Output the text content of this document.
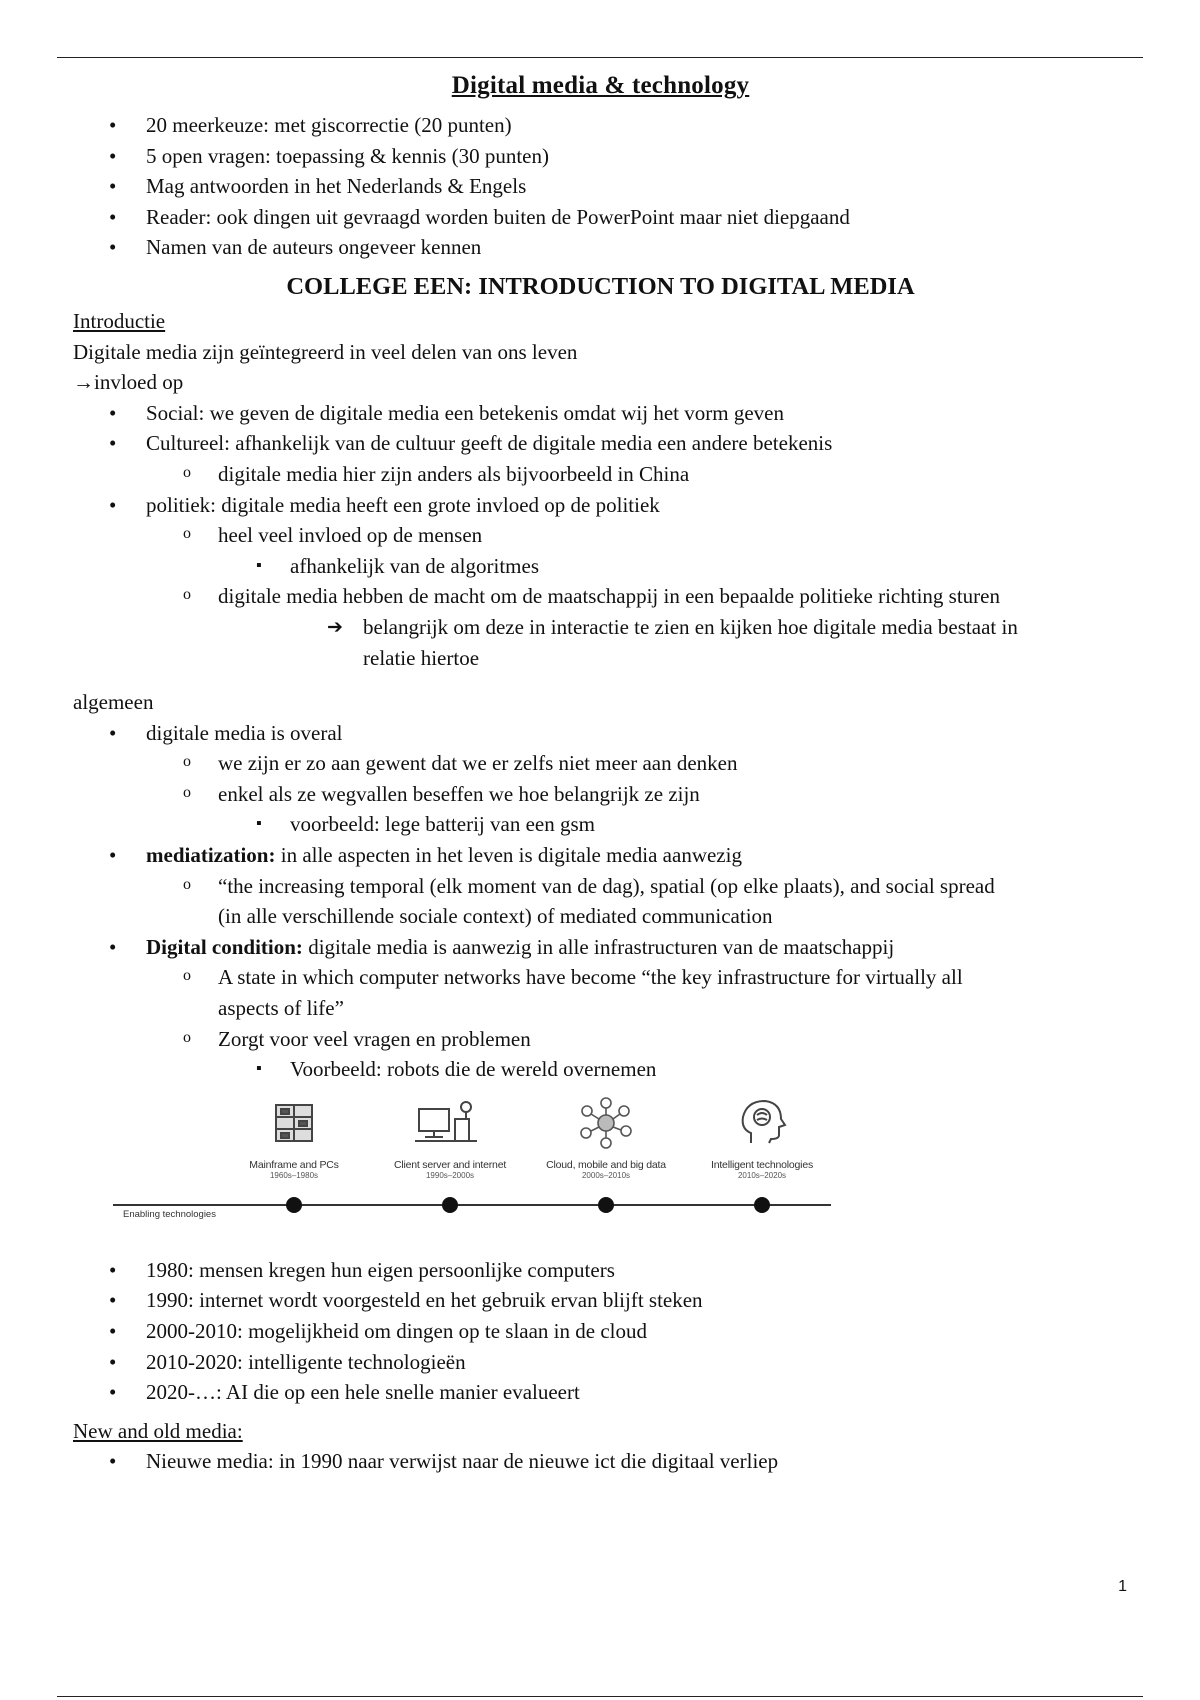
Digital media & technology
• 20 meerkeuze: met giscorrectie (20 punten)
• 5 open vragen: toepassing & kennis (30 punten)
• Mag antwoorden in het Nederlands & Engels
• Reader: ook dingen uit gevraagd worden buiten de PowerPoint maar niet diepgaand
• Namen van de auteurs ongeveer kennen
COLLEGE EEN: INTRODUCTION TO DIGITAL MEDIA
Introductie
Digitale media zijn geïntegreerd in veel delen van ons leven
→invloed op
• Social: we geven de digitale media een betekenis omdat wij het vorm geven
• Cultureel: afhankelijk van de cultuur geeft de digitale media een andere betekenis
o digitale media hier zijn anders als bijvoorbeeld in China
• politiek: digitale media heeft een grote invloed op de politiek
o heel veel invloed op de mensen
▪ afhankelijk van de algoritmes
o digitale media hebben de macht om de maatschappij in een bepaalde politieke richting sturen
➔ belangrijk om deze in interactie te zien en kijken hoe digitale media bestaat in
relatie hiertoe
algemeen
• digitale media is overal
o we zijn er zo aan gewent dat we er zelfs niet meer aan denken
o enkel als ze wegvallen beseffen we hoe belangrijk ze zijn
▪ voorbeeld: lege batterij van een gsm
• mediatization: in alle aspecten in het leven is digitale media aanwezig
o “the increasing temporal (elk moment van de dag), spatial (op elke plaats), and social spread
(in alle verschillende sociale context) of mediated communication
• Digital condition: digitale media is aanwezig in alle infrastructuren van de maatschappij
o A state in which computer networks have become “the key infrastructure for virtually all
aspects of life”
o Zorgt voor veel vragen en problemen
▪ Voorbeeld: robots die de wereld overnemen
Mainframe and PCs
1960s–1980s
Client server and internet
1990s–2000s
Cloud, mobile and big data
2000s–2010s
Intelligent technologies
2010s–2020s
Enabling technologies
• 1980: mensen kregen hun eigen persoonlijke computers
• 1990: internet wordt voorgesteld en het gebruik ervan blijft steken
• 2000-2010: mogelijkheid om dingen op te slaan in de cloud
• 2010-2020: intelligente technologieën
• 2020-…: AI die op een hele snelle manier evalueert
New and old media:
• Nieuwe media: in 1990 naar verwijst naar de nieuwe ict die digitaal verliep
1
